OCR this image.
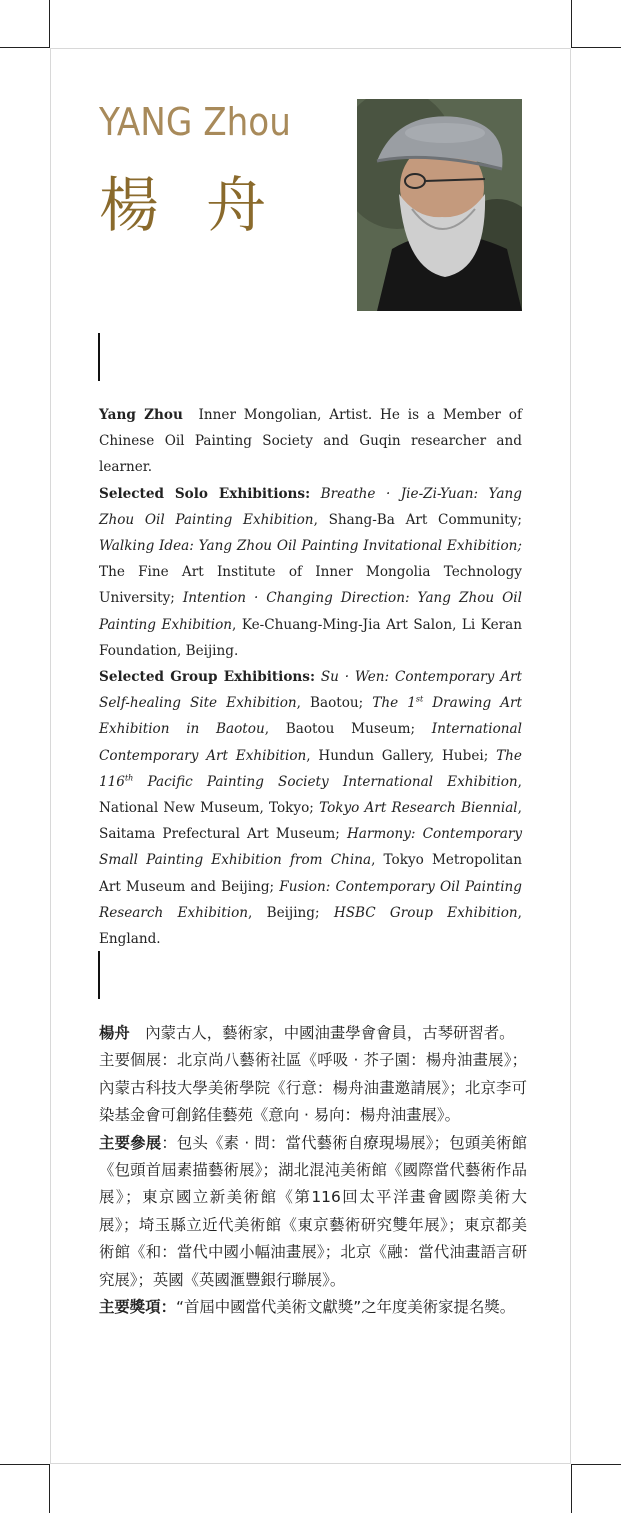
YANG Zhou
楊 舟

Yang Zhou Inner Mongolian, Artist. He is a Member of Chinese Oil Painting Society and Guqin researcher and learner.

Selected Solo Exhibitions: Breathe · Jie-Zi-Yuan: Yang Zhou Oil Painting Exhibition, Shang-Ba Art Community; Walking Idea: Yang Zhou Oil Painting Invitational Exhibition; The Fine Art Institute of Inner Mongolia Technology University; Intention · Changing Direction: Yang Zhou Oil Painting Exhibition, Ke-Chuang-Ming-Jia Art Salon, Li Keran Foundation, Beijing.

Selected Group Exhibitions: Su · Wen: Contemporary Art Self-healing Site Exhibition, Baotou; The 1st Drawing Art Exhibition in Baotou, Baotou Museum; International Contemporary Art Exhibition, Hundun Gallery, Hubei; The 116th Pacific Painting Society International Exhibition, National New Museum, Tokyo; Tokyo Art Research Biennial, Saitama Prefectural Art Museum; Harmony: Contemporary Small Painting Exhibition from China, Tokyo Metropolitan Art Museum and Beijing; Fusion: Contemporary Oil Painting Research Exhibition, Beijing; HSBC Group Exhibition, England.

楊舟　內蒙古人，藝術家，中國油畫學會會員，古琴研習者。

主要個展：北京尚八藝術社區《呼吸 · 芥子園：楊舟油畫展》；內蒙古科技大學美術學院《行意：楊舟油畫邀請展》；北京李可染基金會可創銘佳藝苑《意向 · 易向：楊舟油畫展》。

主要參展：包头《素 · 問：當代藝術自療現場展》；包頭美術館《包頭首屆素描藝術展》；湖北混沌美術館《國際當代藝術作品展》；東京國立新美術館《第116回太平洋畫會國際美術大展》；埼玉縣立近代美術館《東京藝術研究雙年展》；東京都美術館《和：當代中國小幅油畫展》；北京《融：當代油畫語言研究展》；英國《英國滙豐銀行聯展》。

主要獎項：“首屆中國當代美術文獻獎”之年度美術家提名獎。
